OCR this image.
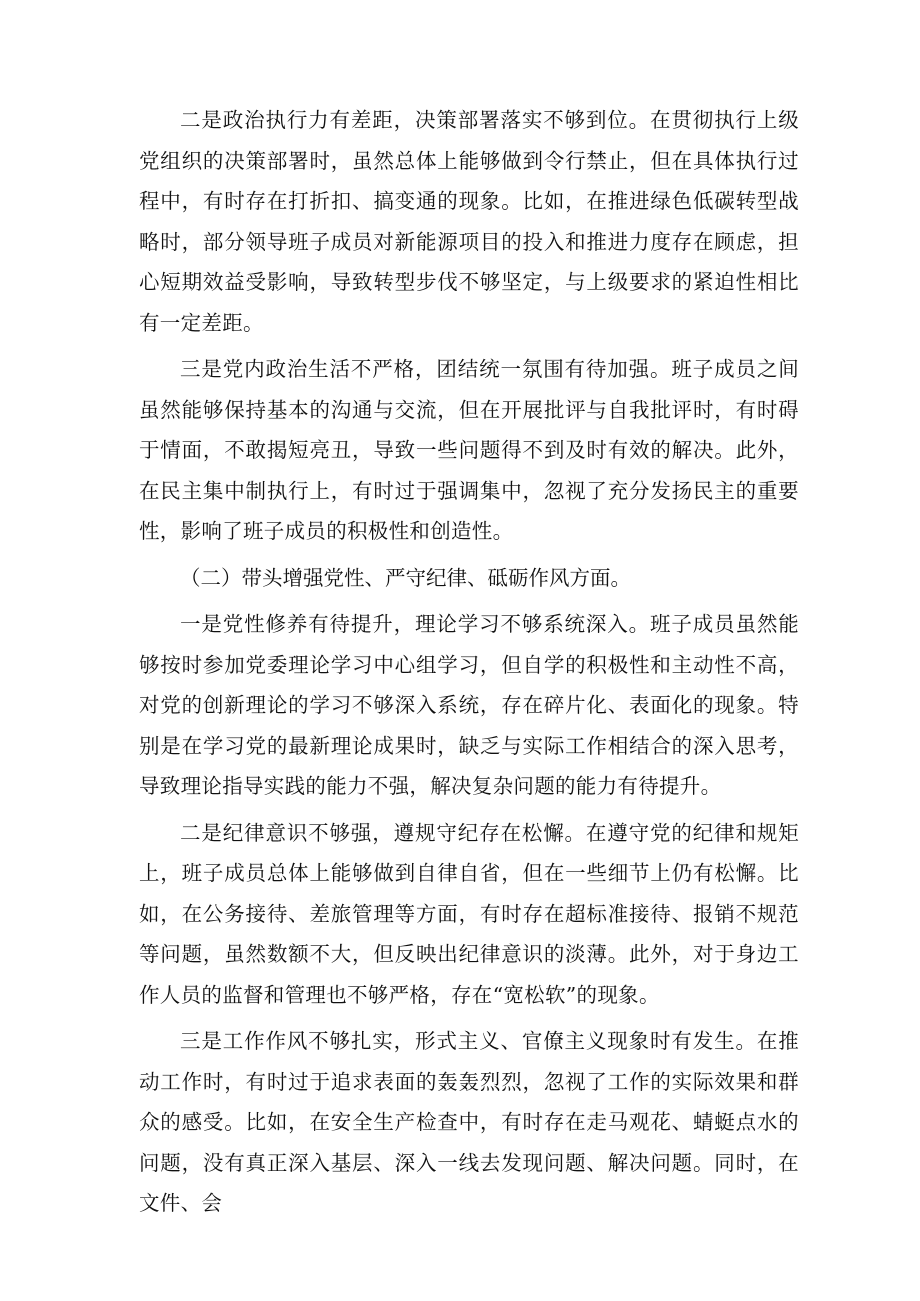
二是政治执行力有差距，决策部署落实不够到位。在贯彻执行上级党组织的决策部署时，虽然总体上能够做到令行禁止，但在具体执行过程中，有时存在打折扣、搞变通的现象。比如，在推进绿色低碳转型战略时，部分领导班子成员对新能源项目的投入和推进力度存在顾虑，担心短期效益受影响，导致转型步伐不够坚定，与上级要求的紧迫性相比有一定差距。

三是党内政治生活不严格，团结统一氛围有待加强。班子成员之间虽然能够保持基本的沟通与交流，但在开展批评与自我批评时，有时碍于情面，不敢揭短亮丑，导致一些问题得不到及时有效的解决。此外，在民主集中制执行上，有时过于强调集中，忽视了充分发扬民主的重要性，影响了班子成员的积极性和创造性。

（二）带头增强党性、严守纪律、砥砺作风方面。

一是党性修养有待提升，理论学习不够系统深入。班子成员虽然能够按时参加党委理论学习中心组学习，但自学的积极性和主动性不高，对党的创新理论的学习不够深入系统，存在碎片化、表面化的现象。特别是在学习党的最新理论成果时，缺乏与实际工作相结合的深入思考，导致理论指导实践的能力不强，解决复杂问题的能力有待提升。

二是纪律意识不够强，遵规守纪存在松懈。在遵守党的纪律和规矩上，班子成员总体上能够做到自律自省，但在一些细节上仍有松懈。比如，在公务接待、差旅管理等方面，有时存在超标准接待、报销不规范等问题，虽然数额不大，但反映出纪律意识的淡薄。此外，对于身边工作人员的监督和管理也不够严格，存在“宽松软”的现象。

三是工作作风不够扎实，形式主义、官僚主义现象时有发生。在推动工作时，有时过于追求表面的轰轰烈烈，忽视了工作的实际效果和群众的感受。比如，在安全生产检查中，有时存在走马观花、蜻蜓点水的问题，没有真正深入基层、深入一线去发现问题、解决问题。同时，在文件、会
